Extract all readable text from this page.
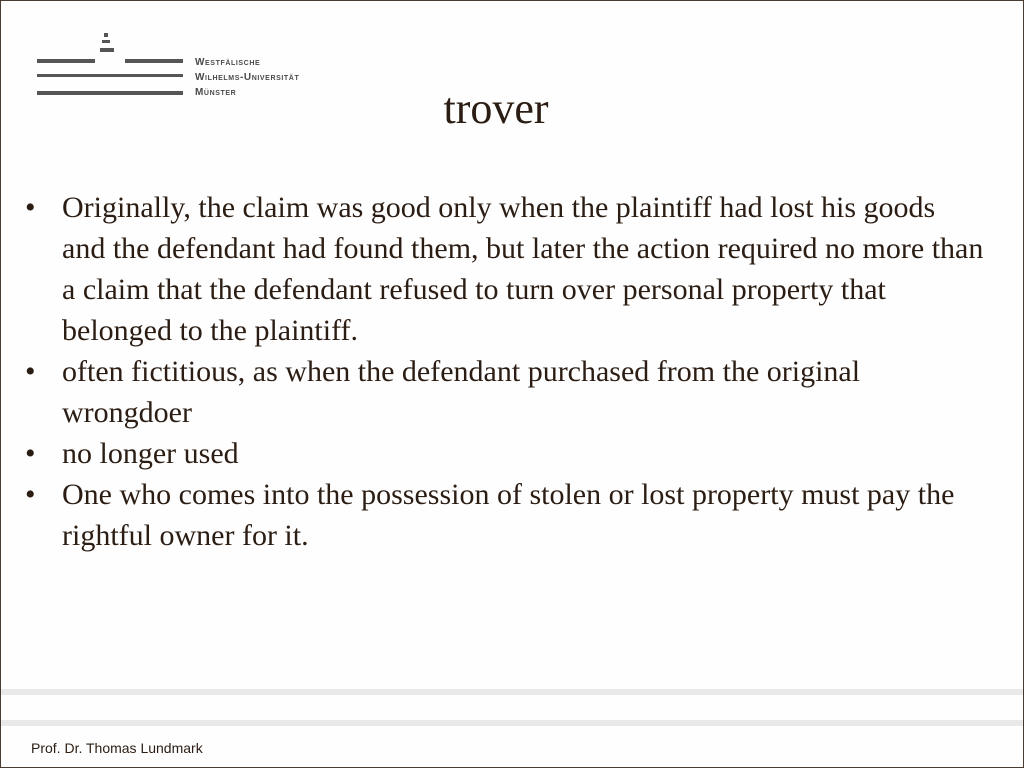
Westfälische
Wilhelms-Universität
Münster	trover
• Originally, the claim was good only when the plaintiff had lost his goods and the defendant had found them, but later the action required no more than a claim that the defendant refused to turn over personal property that belonged to the plaintiff.
• often fictitious, as when the defendant purchased from the original wrongdoer
• no longer used
• One who comes into the possession of stolen or lost property must pay the rightful owner for it.
Prof. Dr. Thomas Lundmark
